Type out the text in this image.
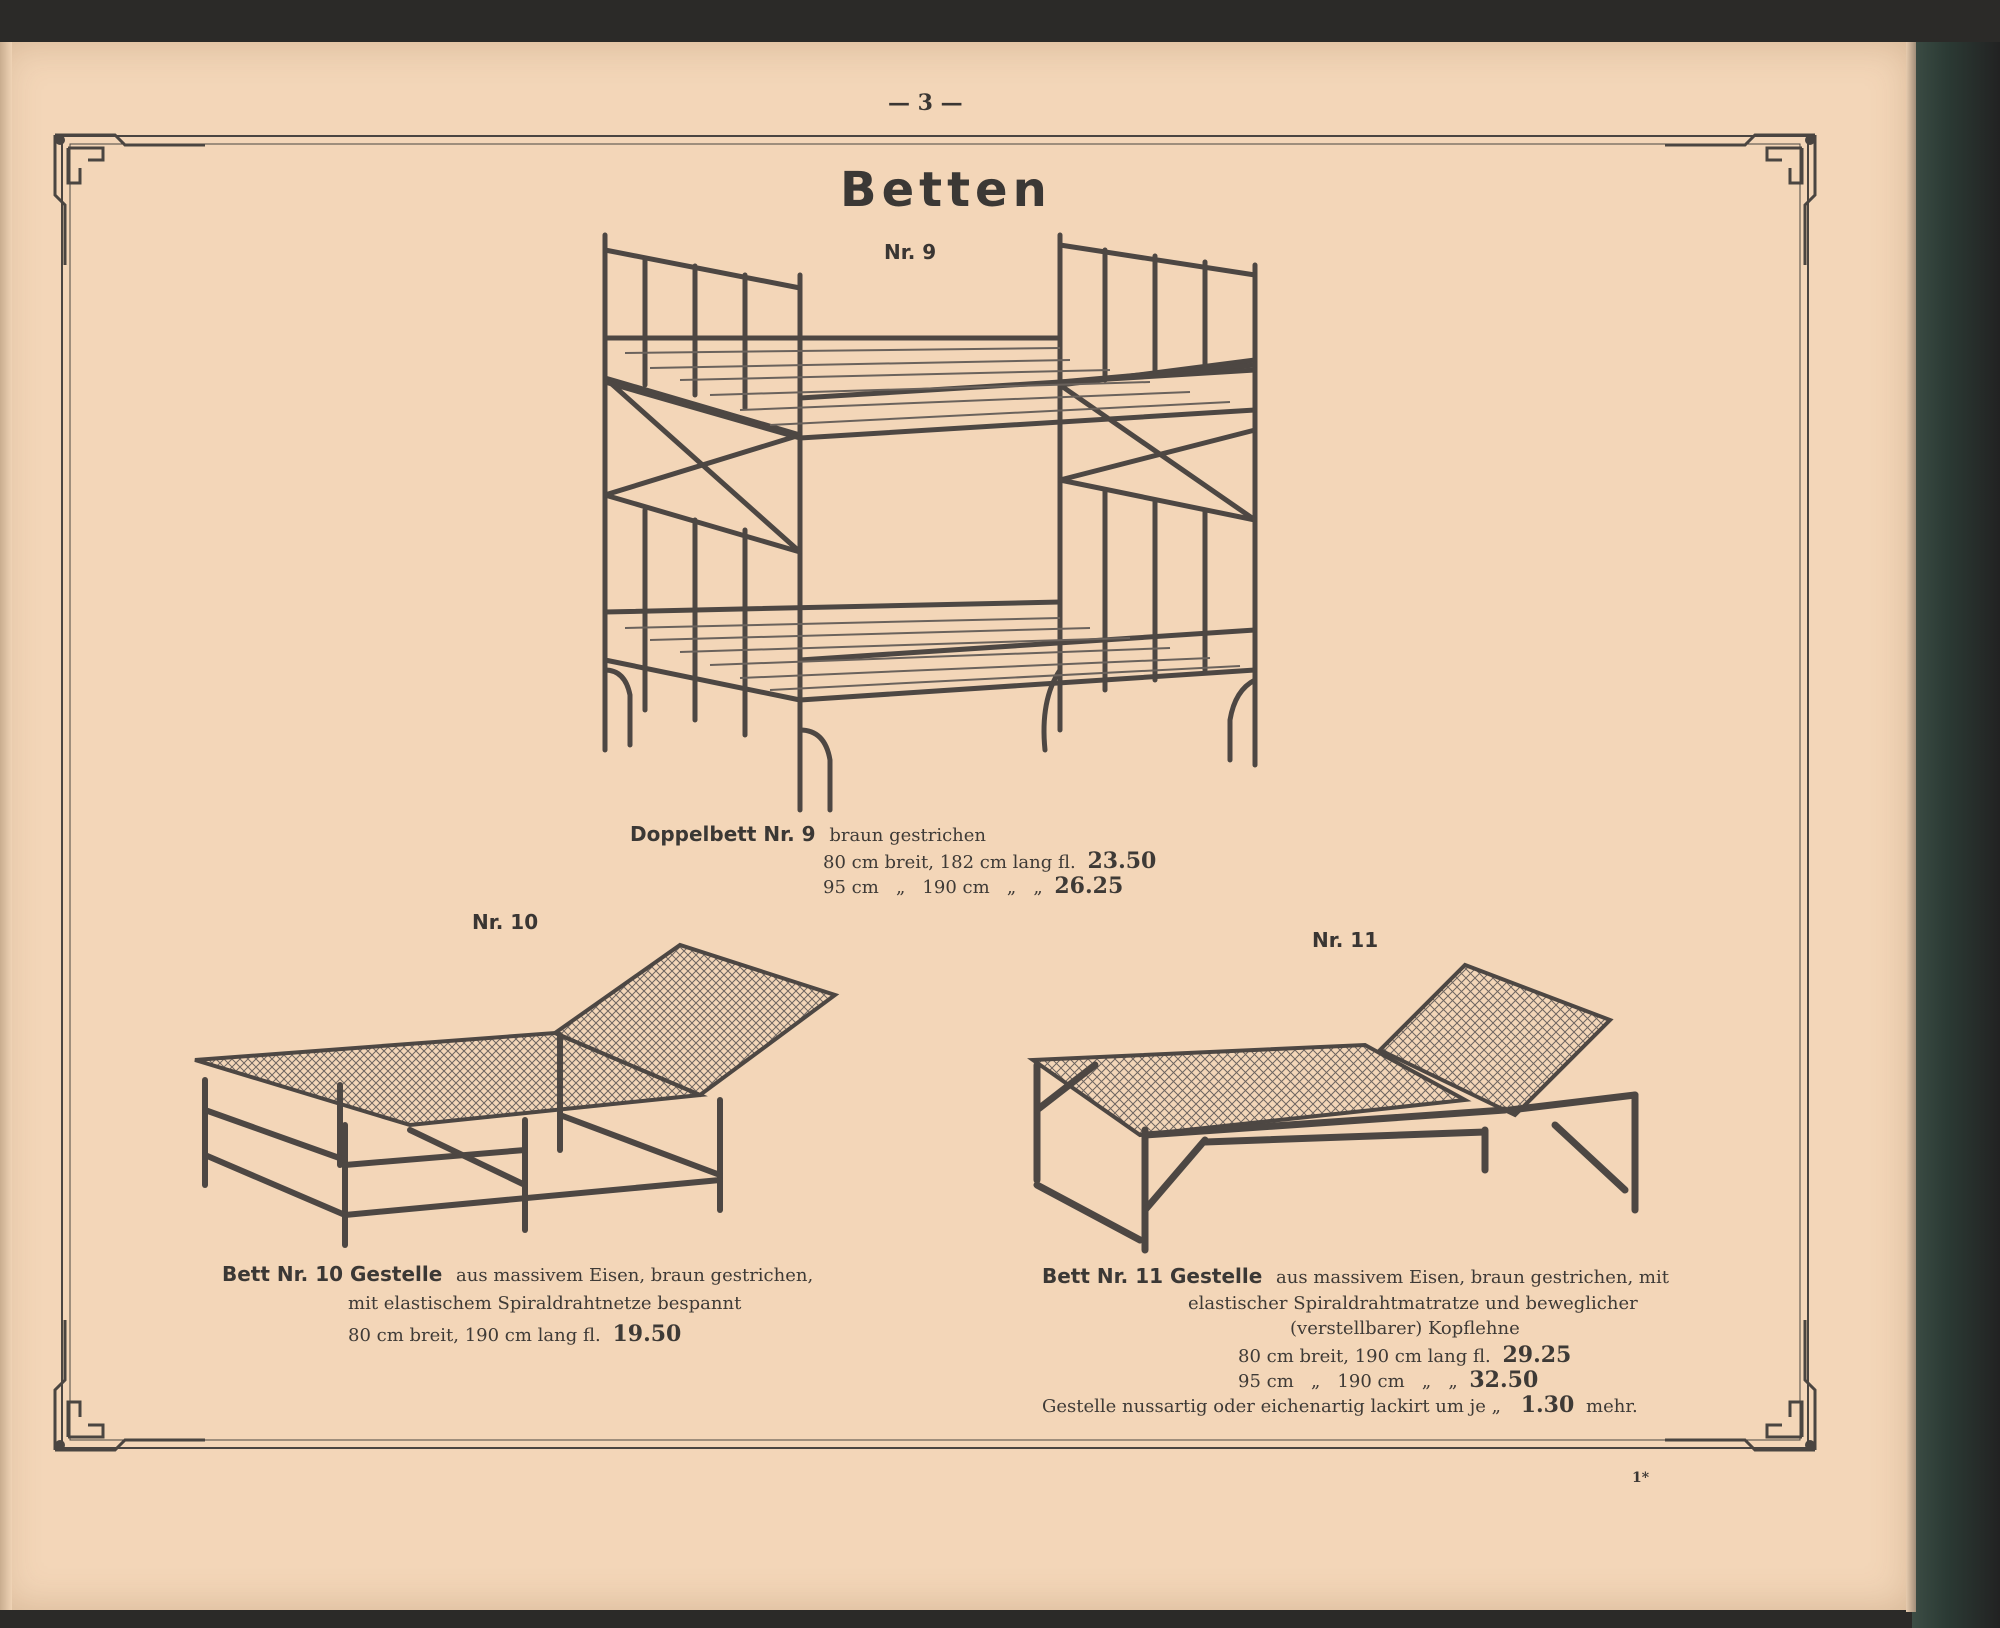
— 3 —
Betten
Nr. 9
Doppelbett Nr. 9 braun gestrichen
80 cm breit, 182 cm lang fl. 23.50
95 cm   „   190 cm   „   „ 26.25
Nr. 10
Bett Nr. 10 Gestelle aus massivem Eisen, braun gestrichen,
mit elastischem Spiraldrahtnetze bespannt
80 cm breit, 190 cm lang fl. 19.50
Nr. 11
Bett Nr. 11 Gestelle aus massivem Eisen, braun gestrichen, mit
elastischer Spiraldrahtmatratze und beweglicher
(verstellbarer) Kopflehne
80 cm breit, 190 cm lang fl. 29.25
95 cm   „   190 cm   „   „ 32.50
Gestelle nussartig oder eichenartig lackirt um je „ 1.30 mehr.
1*
